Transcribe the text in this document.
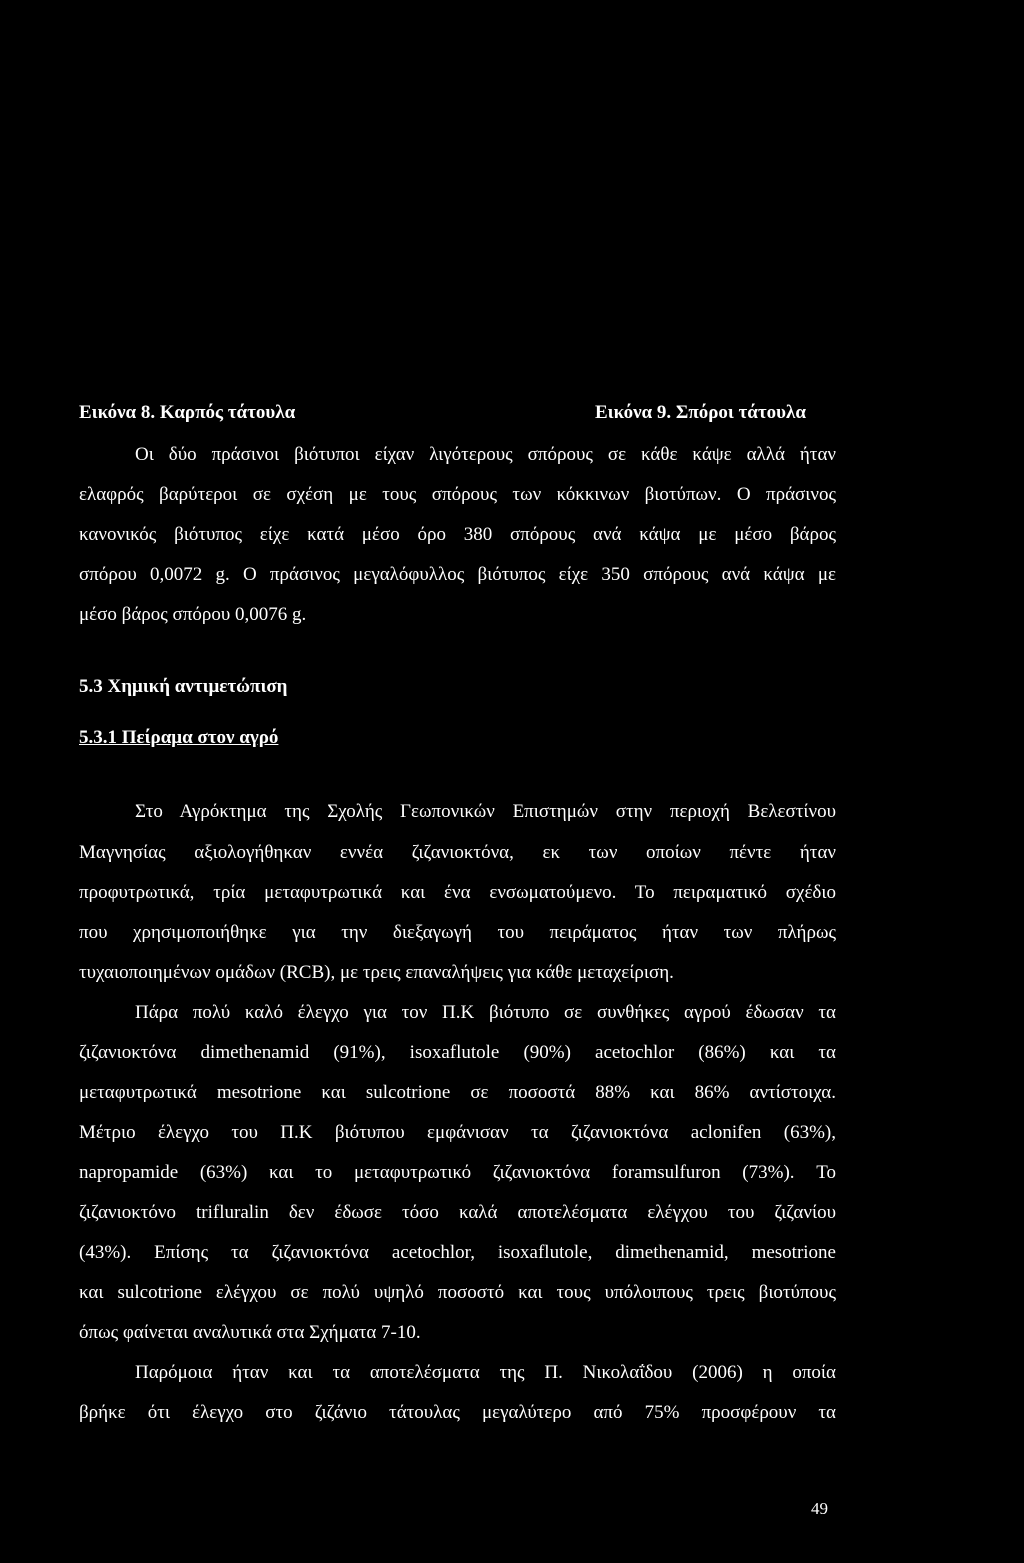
Εικόνα 8. Καρπός τάτουλα	Εικόνα 9. Σπόροι τάτουλα
Οι δύο πράσινοι βιότυποι είχαν λιγότερους σπόρους σε κάθε κάψε αλλά ήταν
ελαφρός βαρύτεροι σε σχέση με τους σπόρους των κόκκινων βιοτύπων. Ο πράσινος
κανονικός βιότυπος είχε κατά μέσο όρο 380 σπόρους ανά κάψα με μέσο βάρος
σπόρου 0,0072 g. Ο πράσινος μεγαλόφυλλος βιότυπος είχε 350 σπόρους ανά κάψα με
μέσο βάρος σπόρου 0,0076 g.
5.3 Χημική αντιμετώπιση
5.3.1 Πείραμα στον αγρό
Στο Αγρόκτημα της Σχολής Γεωπονικών Επιστημών στην περιοχή Βελεστίνου
Μαγνησίας αξιολογήθηκαν εννέα ζιζανιοκτόνα, εκ των οποίων πέντε ήταν
προφυτρωτικά, τρία μεταφυτρωτικά και ένα ενσωματούμενο. Το πειραματικό σχέδιο
που χρησιμοποιήθηκε για την διεξαγωγή του πειράματος ήταν των πλήρως
τυχαιοποιημένων ομάδων (RCB), με τρεις επαναλήψεις για κάθε μεταχείριση.
Πάρα πολύ καλό έλεγχο για τον Π.Κ βιότυπο σε συνθήκες αγρού έδωσαν τα
ζιζανιοκτόνα dimethenamid (91%), isoxaflutole (90%) acetochlor (86%) και τα
μεταφυτρωτικά mesotrione και sulcotrione σε ποσοστά 88% και 86% αντίστοιχα.
Μέτριο έλεγχο του Π.Κ βιότυπου εμφάνισαν τα ζιζανιοκτόνα aclonifen (63%),
napropamide (63%) και το μεταφυτρωτικό ζιζανιοκτόνα foramsulfuron (73%). Το
ζιζανιοκτόνο trifluralin δεν έδωσε τόσο καλά αποτελέσματα ελέγχου του ζιζανίου
(43%). Επίσης τα ζιζανιοκτόνα acetochlor, isoxaflutole, dimethenamid, mesotrione
και sulcotrione ελέγχου σε πολύ υψηλό ποσοστό και τους υπόλοιπους τρεις βιοτύπους
όπως φαίνεται αναλυτικά στα Σχήματα 7-10.
Παρόμοια ήταν και τα αποτελέσματα της Π. Νικολαΐδου (2006) η οποία
βρήκε ότι έλεγχο στο ζιζάνιο τάτουλας μεγαλύτερο από 75% προσφέρουν τα
49
